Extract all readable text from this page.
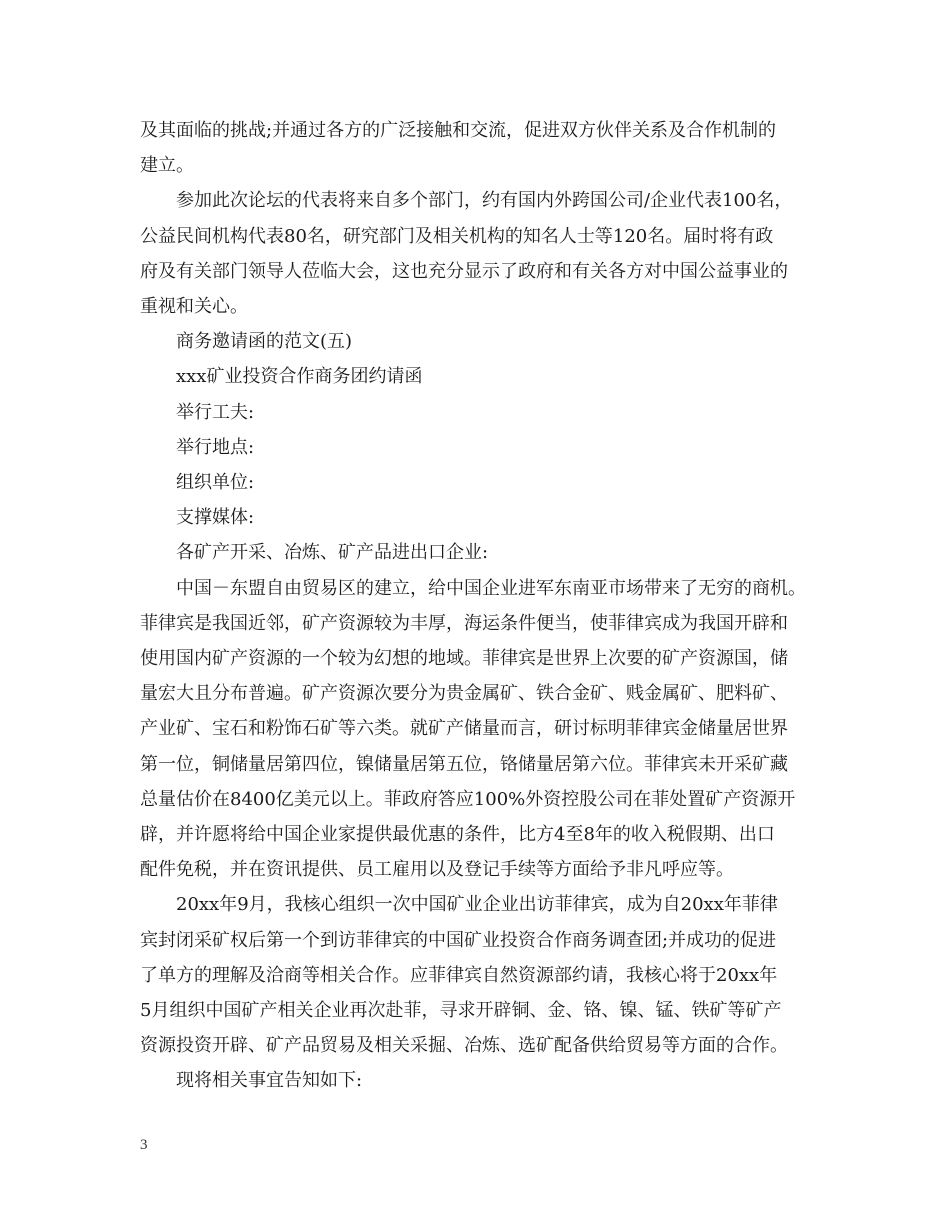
及其面临的挑战;并通过各方的广泛接触和交流，促进双方伙伴关系及合作机制的
建立。

参加此次论坛的代表将来自多个部门，约有国内外跨国公司/企业代表100名，
公益民间机构代表80名，研究部门及相关机构的知名人士等120名。届时将有政
府及有关部门领导人莅临大会，这也充分显示了政府和有关各方对中国公益事业的
重视和关心。

商务邀请函的范文(五)

xxx矿业投资合作商务团约请函

举行工夫:

举行地点:

组织单位:

支撑媒体:

各矿产开采、冶炼、矿产品进出口企业:

中国－东盟自由贸易区的建立，给中国企业进军东南亚市场带来了无穷的商机。
菲律宾是我国近邻，矿产资源较为丰厚，海运条件便当，使菲律宾成为我国开辟和
使用国内矿产资源的一个较为幻想的地域。菲律宾是世界上次要的矿产资源国，储
量宏大且分布普遍。矿产资源次要分为贵金属矿、铁合金矿、贱金属矿、肥料矿、
产业矿、宝石和粉饰石矿等六类。就矿产储量而言，研讨标明菲律宾金储量居世界
第一位，铜储量居第四位，镍储量居第五位，铬储量居第六位。菲律宾未开采矿藏
总量估价在8400亿美元以上。菲政府答应100%外资控股公司在菲处置矿产资源开
辟，并许愿将给中国企业家提供最优惠的条件，比方4至8年的收入税假期、出口
配件免税，并在资讯提供、员工雇用以及登记手续等方面给予非凡呼应等。

20xx年9月，我核心组织一次中国矿业企业出访菲律宾，成为自20xx年菲律
宾封闭采矿权后第一个到访菲律宾的中国矿业投资合作商务调查团;并成功的促进
了单方的理解及洽商等相关合作。应菲律宾自然资源部约请，我核心将于20xx年
5月组织中国矿产相关企业再次赴菲，寻求开辟铜、金、铬、镍、锰、铁矿等矿产
资源投资开辟、矿产品贸易及相关采掘、冶炼、选矿配备供给贸易等方面的合作。

现将相关事宜告知如下:

3
